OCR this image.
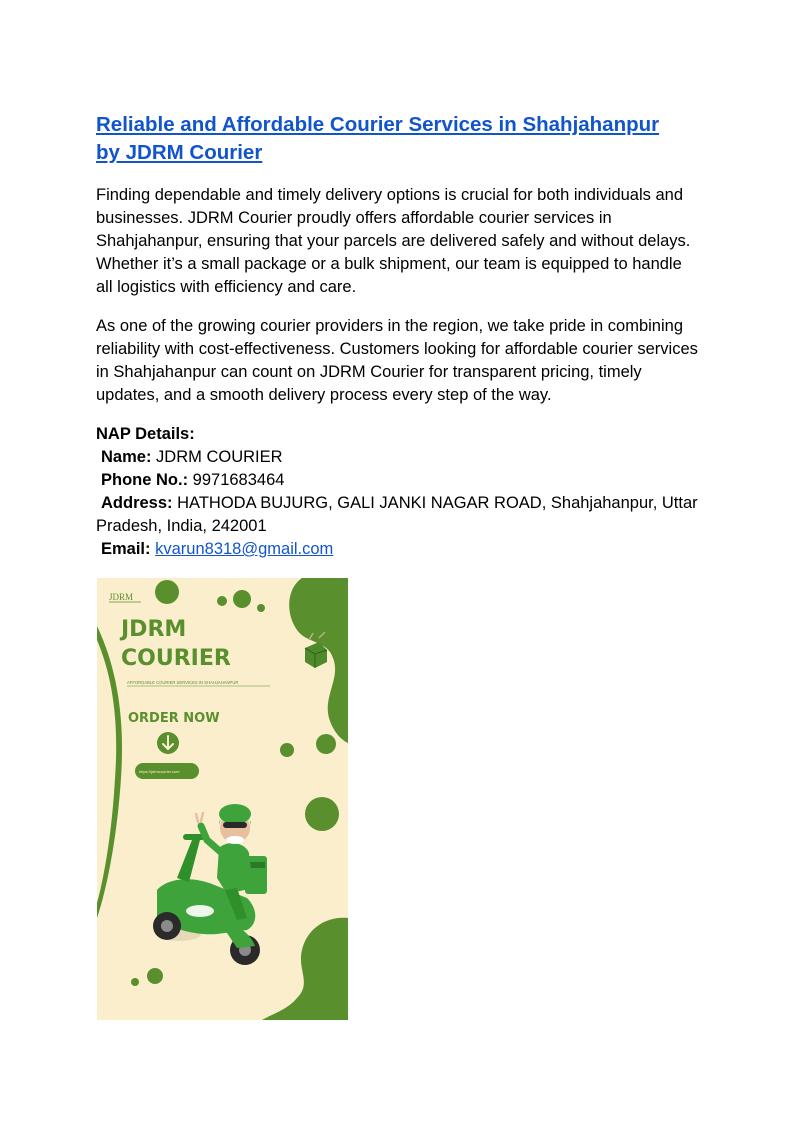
Reliable and Affordable Courier Services in Shahjahanpur
by JDRM Courier

Finding dependable and timely delivery options is crucial for both individuals and businesses. JDRM Courier proudly offers affordable courier services in Shahjahanpur, ensuring that your parcels are delivered safely and without delays. Whether it’s a small package or a bulk shipment, our team is equipped to handle all logistics with efficiency and care.

As one of the growing courier providers in the region, we take pride in combining reliability with cost-effectiveness. Customers looking for affordable courier services in Shahjahanpur can count on JDRM Courier for transparent pricing, timely updates, and a smooth delivery process every step of the way.

NAP Details:
Name: JDRM COURIER
Phone No.: 9971683464
Address: HATHODA BUJURG, GALI JANKI NAGAR ROAD, Shahjahanpur, Uttar Pradesh, India, 242001
Email: kvarun8318@gmail.com
JDRM
JDRM
COURIER
AFFORDABLE COURIER SERVICES IN SHAHJAHANPUR
ORDER NOW
https://jdrmcourier.com
